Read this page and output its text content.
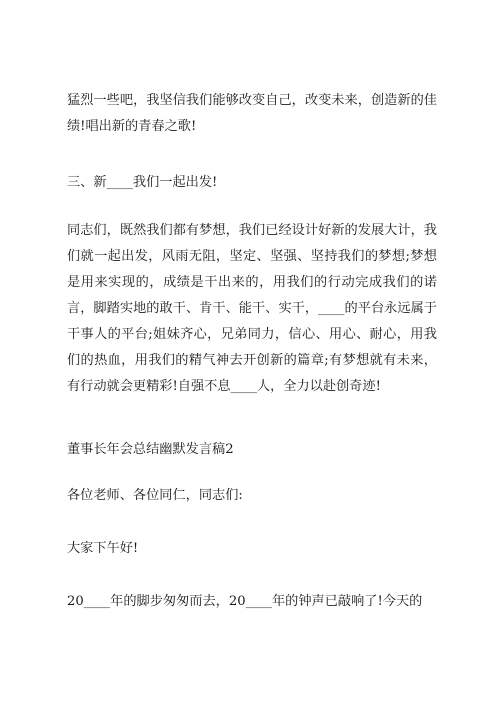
猛烈一些吧，我坚信我们能够改变自己，改变未来，创造新的佳
绩!唱出新的青春之歌!
三、新____我们一起出发!
同志们，既然我们都有梦想，我们已经设计好新的发展大计，我
们就一起出发，风雨无阻，坚定、坚强、坚持我们的梦想;梦想
是用来实现的，成绩是干出来的，用我们的行动完成我们的诺
言，脚踏实地的敢干、肯干、能干、实干，____的平台永远属于
干事人的平台;姐妹齐心，兄弟同力，信心、用心、耐心，用我
们的热血，用我们的精气神去开创新的篇章;有梦想就有未来，
有行动就会更精彩!自强不息____人，全力以赴创奇迹!
董事长年会总结幽默发言稿2
各位老师、各位同仁，同志们:
大家下午好!
20____年的脚步匆匆而去，20____年的钟声已敲响了!今天的
